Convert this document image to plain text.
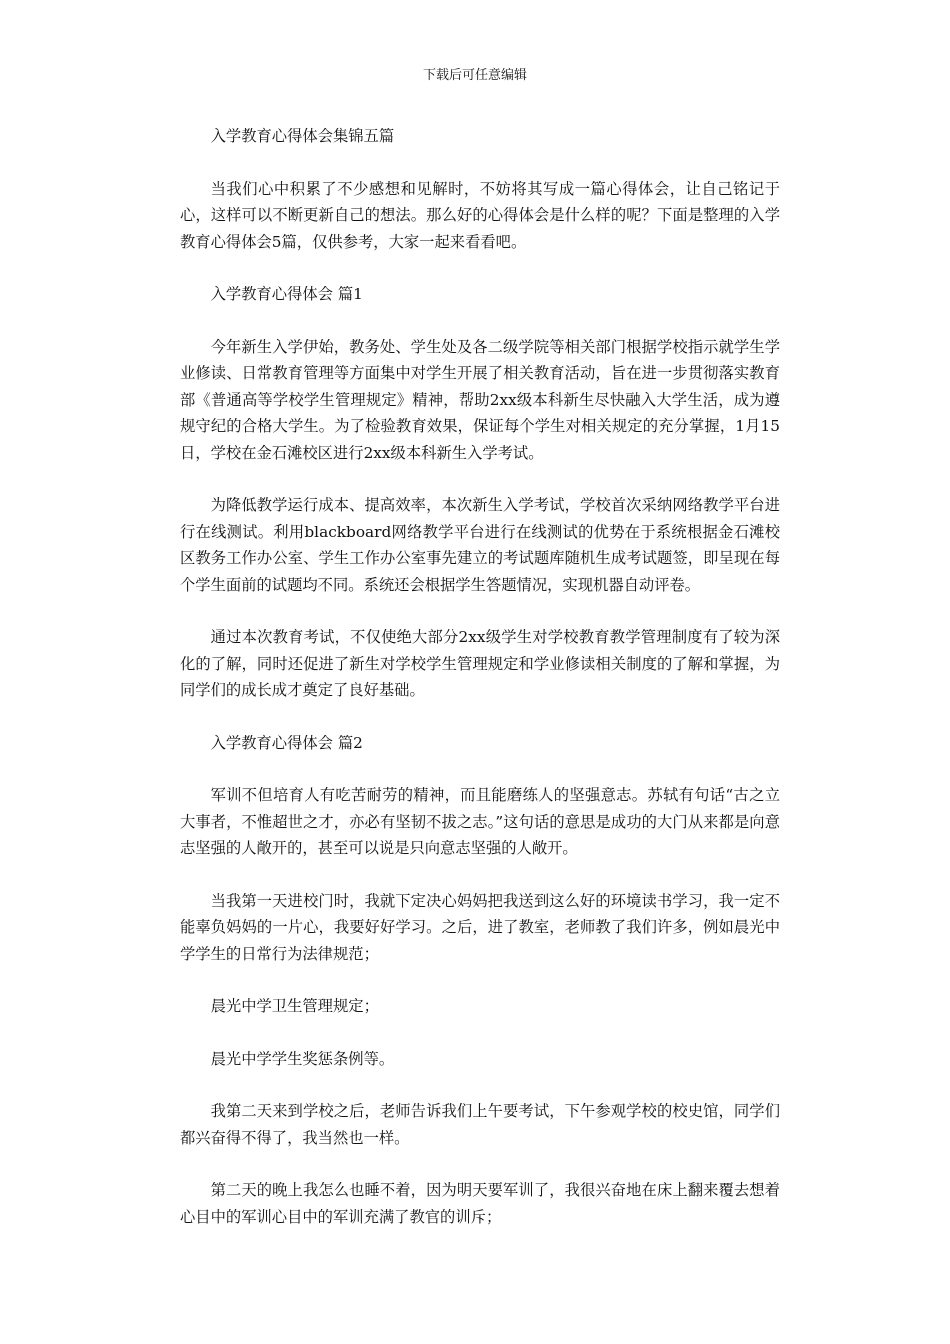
下载后可任意编辑

入学教育心得体会集锦五篇

当我们心中积累了不少感想和见解时，不妨将其写成一篇心得体会，让自己铭记于心，这样可以不断更新自己的想法。那么好的心得体会是什么样的呢？下面是整理的入学教育心得体会5篇，仅供参考，大家一起来看看吧。

入学教育心得体会 篇1

今年新生入学伊始，教务处、学生处及各二级学院等相关部门根据学校指示就学生学业修读、日常教育管理等方面集中对学生开展了相关教育活动，旨在进一步贯彻落实教育部《普通高等学校学生管理规定》精神，帮助2xx级本科新生尽快融入大学生活，成为遵规守纪的合格大学生。为了检验教育效果，保证每个学生对相关规定的充分掌握，1月15日，学校在金石滩校区进行2xx级本科新生入学考试。

为降低教学运行成本、提高效率，本次新生入学考试，学校首次采纳网络教学平台进行在线测试。利用blackboard网络教学平台进行在线测试的优势在于系统根据金石滩校区教务工作办公室、学生工作办公室事先建立的考试题库随机生成考试题签，即呈现在每个学生面前的试题均不同。系统还会根据学生答题情况，实现机器自动评卷。

通过本次教育考试，不仅使绝大部分2xx级学生对学校教育教学管理制度有了较为深化的了解，同时还促进了新生对学校学生管理规定和学业修读相关制度的了解和掌握，为同学们的成长成才奠定了良好基础。

入学教育心得体会 篇2

军训不但培育人有吃苦耐劳的精神，而且能磨练人的坚强意志。苏轼有句话“古之立大事者，不惟超世之才，亦必有坚韧不拔之志。”这句话的意思是成功的大门从来都是向意志坚强的人敞开的，甚至可以说是只向意志坚强的人敞开。

当我第一天进校门时，我就下定决心妈妈把我送到这么好的环境读书学习，我一定不能辜负妈妈的一片心，我要好好学习。之后，进了教室，老师教了我们许多，例如晨光中学学生的日常行为法律规范；

晨光中学卫生管理规定；

晨光中学学生奖惩条例等。

我第二天来到学校之后，老师告诉我们上午要考试，下午参观学校的校史馆，同学们都兴奋得不得了，我当然也一样。

第二天的晚上我怎么也睡不着，因为明天要军训了，我很兴奋地在床上翻来覆去想着心目中的军训心目中的军训充满了教官的训斥；
